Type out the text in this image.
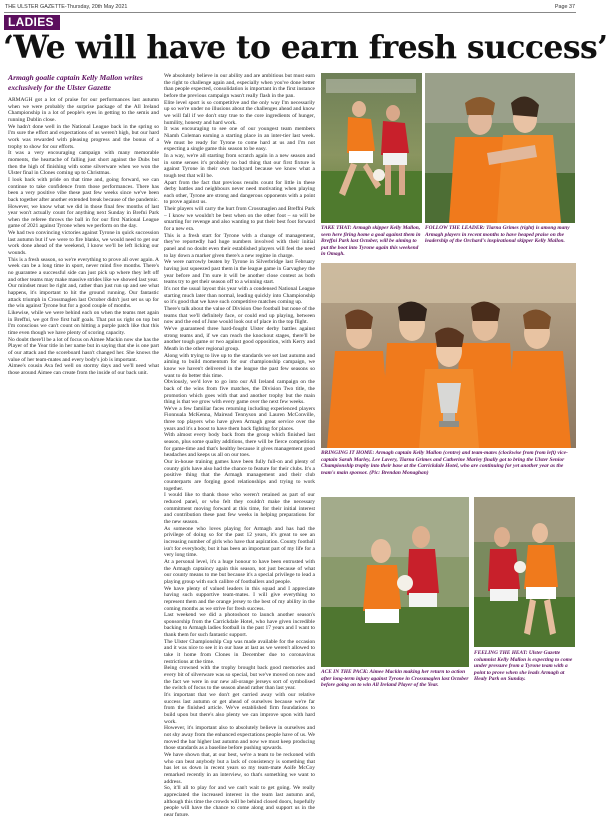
THE ULSTER GAZETTE-Thursday, 20th May 2021	Page 37
LADIES
‘We will have to earn fresh success’
Armagh goalie captain Kelly Mallon writes exclusively for the Ulster Gazette

ARMAGH got a lot of praise for our performances last autumn when we were probably the surprise package of the All Ireland Championship in a lot of people's eyes in getting to the semis and running Dublin close.

We hadn't done well in the National League back in the spring so I'm sure the effort and expectations of us weren't high, but our hard work was rewarded with pleasing progress and the bonus of a trophy to show for our efforts.

It was a very encouraging campaign with many memorable moments, the heartache of falling just short against the Dubs but then the high of finishing with some silverware when we won the Ulster final in Clones coming up to Christmas.

I look back with pride on that time and, going forward, we can continue to take confidence from those performances. There has been a very positive vibe these past few weeks since we've been back together after another extended break because of the pandemic.

However, we know what we did in those final few months of last year won't actually count for anything next Sunday in Brefni Park when the referee throws the ball in for our first National League game of 2021 against Tyrone when we perform on the day.

We had two convincing victories against Tyrone in quick succession last autumn but if we were to fire blanks, we would need to get our work done ahead of the weekend, I know we'll be left licking our wounds.

This is a fresh season, so we're everything to prove all over again. A week can be a long time in sport, never mind five months. There's no guarantee a successful side can just pick up where they left off and other teams may make massive strides like we showed last year.

Our mindset must be right and, rather than just run up and see what happens, it's important to hit the ground running. Our fantastic attack triumph in Crossmaglen last October didn't just set us up for the win against Tyrone but for a good couple of months.

Likewise, while we were behind each on when the teams met again in Breffni, we got five first half goals. That put us right on top but I'm conscious we can't count on hitting a purple patch like that this time even though we have plenty of scoring capacity.

No doubt there'll be a lot of focus on Aimee Mackin now she has the Player of the Year title in her name but in saying that she is one part of our attack and the scoreboard hasn't changed her. She knows the value of her team-mates and every body's job is important.

Aimee's cousin Ava fed well on stormy days and we'll need what those around Aimee can create from the inside of our back unit.

We absolutely believe in our ability and are ambitious but must earn the right to challenge again and, especially when you've done better than people expected, consolidation is important in the first instance before the previous campaign wasn't really flash in the pan.

Elite level sport is so competitive and the only way I'm necessarily up so we're under no illusions about the challenges ahead and know we will fall if we don't stay true to the core ingredients of hunger, humility, honesty and hard work.

It was encouraging to see one of our youngest team members Niamh Coleman earning a starting place in an inter-tier last week. We must be ready for Tyrone to come hard at us and I'm not expecting a single game this season to be easy.

In a way, we're all starting from scratch again in a new season and in some senses it's probably no bad thing that our first fixture is against Tyrone in their own backyard because we know what a tough test that will be.

Apart from the fact that previous results count for little in these derby battles and neighbours never need motivating when playing each other, Tyrone are strong and dangerous opponents with a point to prove against us.

Their players will carry the hurt from Crossmaglen and Breffni Park – I know we wouldn't be best when on the other foot – so will be smarting for revenge and also wanting to put their best foot forward for a new era.

This is a fresh start for Tyrone with a change of management, they've reportedly had huge numbers involved with their initial panel and no doubt even their established players will feel the need to lay down a marker given there's a new regime in charge.

We were narrowly beaten by Tyrone in Silverbridge last February having just squeezed past them in the league game in Garvaghey the year before and I'm sure it will be another close contest as both teams try to get their season off to a winning start.

It's not the usual layout this year with a condensed National League starting much later than normal, leading quickly into Championship so it's good that we have such competitive matches coming up.

There's talk about the value of Division One football but none of the teams that we'll definitely face, or could end up playing, between now and the end of June would look out of place in the top flight.

We've guaranteed three hard-fought Ulster derby battles against strong teams and, if we can reach the knockout stages, there'll be another tough game or two against good opposition, with Kerry and Meath in the other regional group.

Along with trying to live up to the standards we set last autumn and aiming to build momentum for our championship campaign, we know we haven't delivered in the league the past few seasons so want to do better this time.

Obviously, we'd love to go into our All Ireland campaign on the back of the wins from five matches, the Division Two title, the promotion which goes with that and another trophy but the main thing is that we grow with every game over the next few weeks.

We've a few familiar faces returning including experienced players Fionnuala McKenna, Mairead Tennyson and Lauren McConville, three top players who have given Armagh great service over the years and it's a boost to have them back fighting for places.

With almost every body back from the group which finished last season, plus some quality additions, there will be fierce competition for game-time and that's healthy because it gives management good headaches and keeps us all on our toes.

Our in-house training games have been fully full-on and plenty of county girls have also had the chance to feature for their clubs. It's a positive thing that the Armagh management and their club counterparts are forging good relationships and trying to work together.

I would like to thank those who weren't retained as part of our reduced panel, or who felt they couldn't make the necessary commitment moving forward at this time, for their initial interest and contribution these past few weeks in helping preparations for the new season.

As someone who loves playing for Armagh and has had the privilege of doing so for the past 12 years, it's great to see an increasing number of girls who have that aspiration. County football isn't for everybody, but it has been an important part of my life for a very long time.

At a personal level, it's a huge honour to have been entrusted with the Armagh captaincy again this season, not just because of what our county means to me but because it's a special privilege to lead a playing group with such calibre of footballers and people.

We have plenty of valued leaders in this squad and I appreciate having such supportive team-mates. I will give everything to represent them and the orange jersey to the best of my ability in the coming months as we strive for fresh success.

Last weekend we did a photoshoot to launch another season's sponsorship from the Carrickdale Hotel, who have given incredible backing to Armagh ladies football in the past 17 years and I want to thank them for such fantastic support.

The Ulster Championship Cup was made available for the occasion and it was nice to see it in our base at last as we weren't allowed to take it home from Clones in December due to coronavirus restrictions at the time.

Being crowned with the trophy brought back good memories and every bit of silverware was so special, but we've moved on now and the fact we were in our new all-orange jerseys sort of symbolised the switch of focus to the season ahead rather than last year.

It's important that we don't get carried away with our relative success last autumn or get ahead of ourselves because we're far from the finished article. We've established firm foundations to build upon but there's also plenty we can improve upon with hard work.

However, it's important also to absolutely believe in ourselves and not shy away from the enhanced expectations people have of us. We moved the bar higher last autumn and now we must keep producing those standards as a baseline before pushing upwards.

We have shown that, at our best, we're a team to be reckoned with who can beat anybody but a lack of consistency is something that has let us down in recent years so my team-mate Aoife McCoy remarked recently in an interview, so that's something we want to address.

So, it'll all to play for and we can't wait to get going. We really appreciated the increased interest in the team last autumn and, although this time the crowds will be behind closed doors, hopefully people will have the chance to come along and support us in the near future.

TAKE THAT: Armagh skipper Kelly Mallon, seen here firing home a goal against them in Breffni Park last October, will be aiming to put the boot into Tyrone again this weekend in Omagh.
FOLLOW THE LEADER: Tiarna Grimes (right) is among many Armagh players in recent months to have heaped praise on the leadership of the Orchard's inspirational skipper Kelly Mallon.
BRINGING IT HOME: Armagh captain Kelly Mallon (centre) and team-mates (clockwise from from left) vice-captain Sarah Marley, Lee Lavery, Tiarna Grimes and Catherine Marley finally got to bring the Ulster Senior Championship trophy into their base at the Carrickdale Hotel, who are continuing for yet another year as the team's main sponsor. (Pic: Brendan Monaghan)
ACE IN THE PACK: Aimee Mackin making her return to action after long-term injury against Tyrone in Crossmaglen last October before going on to win All Ireland Player of the Year.
FEELING THE HEAT: Ulster Gazette columnist Kelly Mallon is expecting to come under pressure from a Tyrone team with a point to prove when she leads Armagh at Healy Park on Sunday.
